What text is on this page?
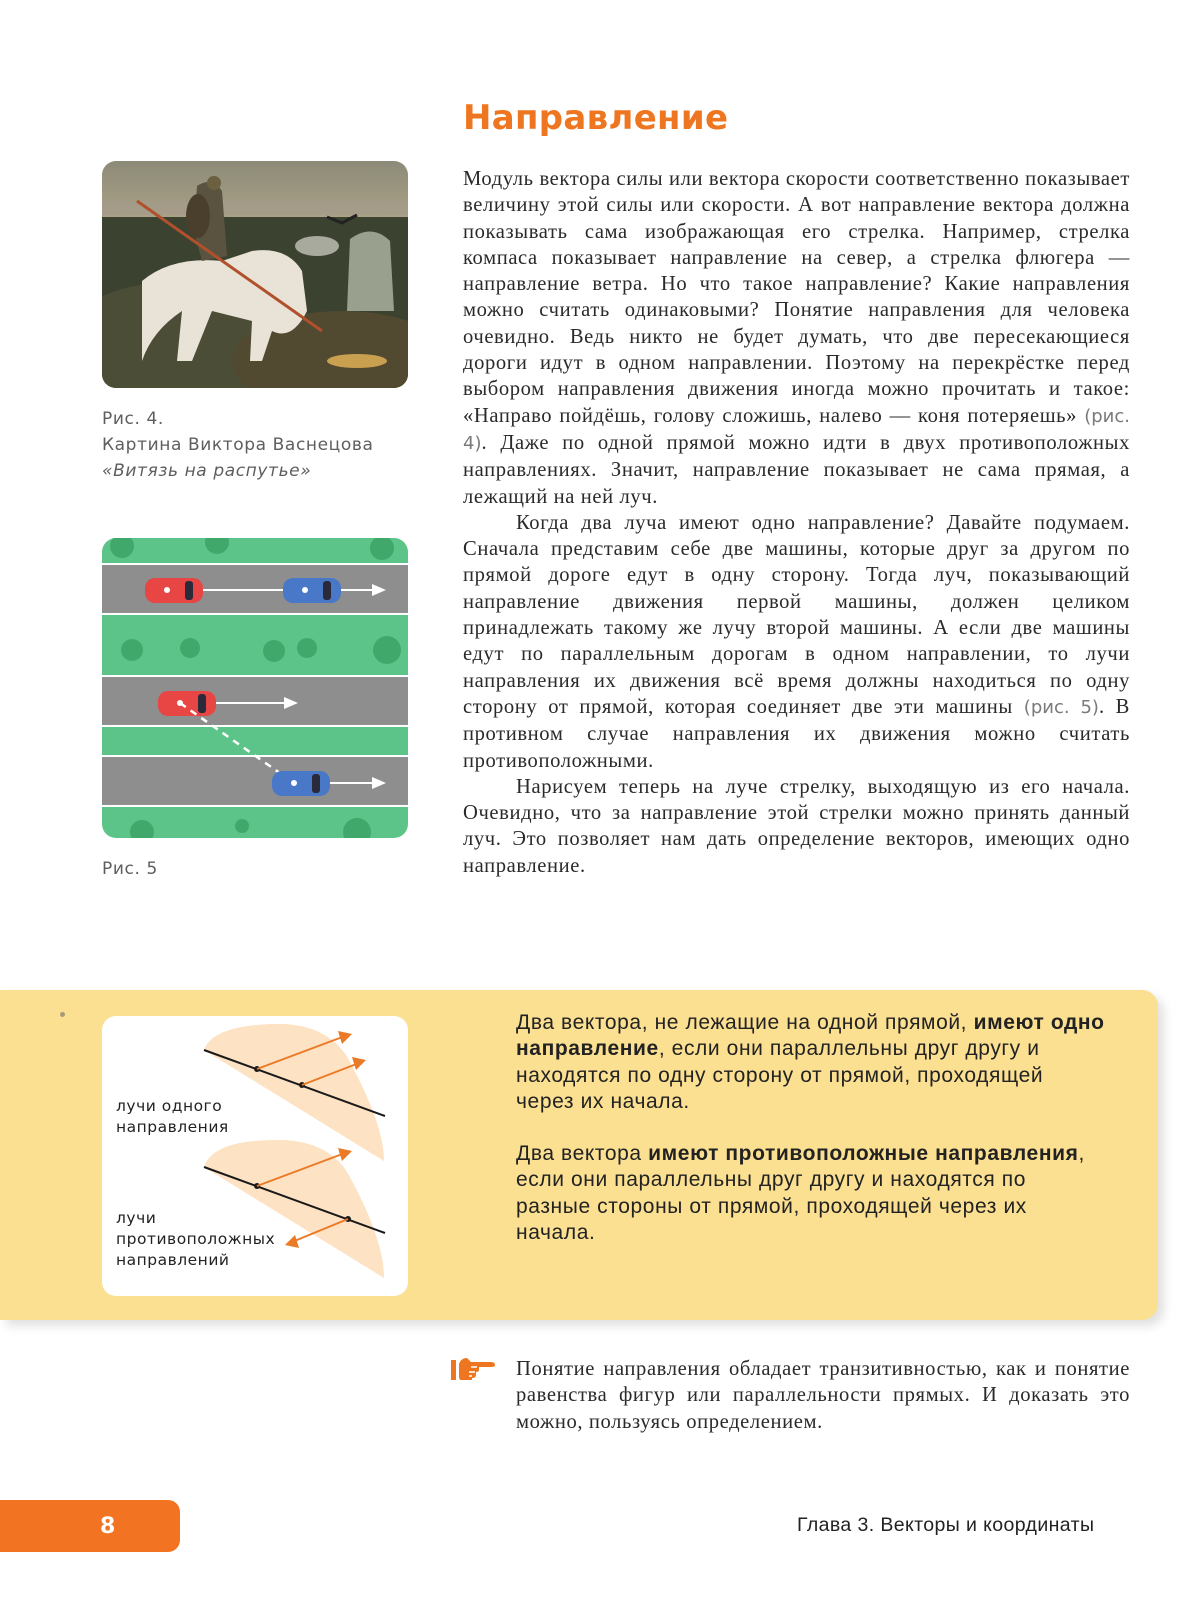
Направление
Рис. 4.
Картина Виктора Васнецова
«Витязь на распутье»
Рис. 5

Модуль вектора силы или вектора скорости соответственно показывает величину этой силы или скорости. А вот направление вектора должна показывать сама изображающая его стрелка. Например, стрелка компаса показывает направление на север, а стрелка флюгера — направление ветра. Но что такое направление? Какие направления можно считать одинаковыми? Понятие направления для человека очевидно. Ведь никто не будет думать, что две пересекающиеся дороги идут в одном направлении. Поэтому на перекрёстке перед выбором направления движения иногда можно прочитать и такое: «Направо пойдёшь, голову сложишь, налево — коня потеряешь» (рис. 4). Даже по одной прямой можно идти в двух противоположных направлениях. Значит, направление показывает не сама прямая, а лежащий на ней луч.

Когда два луча имеют одно направление? Давайте подумаем. Сначала представим себе две машины, которые друг за другом по прямой дороге едут в одну сторону. Тогда луч, показывающий направление движения первой машины, должен целиком принадлежать такому же лучу второй машины. А если две машины едут по параллельным дорогам в одном направлении, то лучи направления их движения всё время должны находиться по одну сторону от прямой, которая соединяет две эти машины (рис. 5). В противном случае направления их движения можно считать противоположными.

Нарисуем теперь на луче стрелку, выходящую из его начала. Очевидно, что за направление этой стрелки можно принять данный луч. Это позволяет нам дать определение векторов, имеющих одно направление.

лучи одного
направления
лучи
противоположных
направлений

Два вектора, не лежащие на одной прямой, имеют одно направление, если они параллельны друг другу и находятся по одну сторону от прямой, проходящей через их начала.

Два вектора имеют противоположные направления, если они параллельны друг другу и находятся по разные стороны от прямой, проходящей через их начала.

Понятие направления обладает транзитивностью, как и понятие равенства фигур или параллельности прямых. И доказать это можно, пользуясь определением.

8	Глава 3. Векторы и координаты
